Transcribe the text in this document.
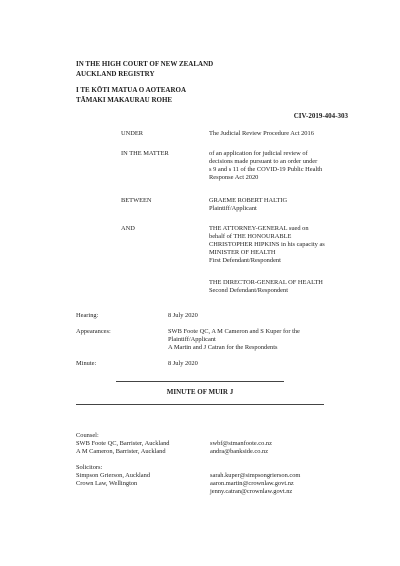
IN THE HIGH COURT OF NEW ZEALAND
AUCKLAND REGISTRY
I TE KŌTI MATUA O AOTEAROA
TĀMAKI MAKAURAU ROHE
CIV-2019-404-303
UNDER	The Judicial Review Procedure Act 2016
IN THE MATTER	of an application for judicial review of
decisions made pursuant to an order under
s 9 and s 11 of the COVID-19 Public Health
Response Act 2020
BETWEEN	GRAEME ROBERT HALTIG
Plaintiff/Applicant
AND	THE ATTORNEY-GENERAL sued on
behalf of THE HONOURABLE
CHRISTOPHER HIPKINS in his capacity as
MINISTER OF HEALTH
First Defendant/Respondent
THE DIRECTOR-GENERAL OF HEALTH
Second Defendant/Respondent
Hearing:	8 July 2020
Appearances:	SWB Foote QC, A M Cameron and S Kuper for the
Plaintiff/Applicant
A Martin and J Catran for the Respondents
Minute:	8 July 2020
MINUTE OF MUIR J
Counsel:
SWB Foote QC, Barrister, Auckland	swbf@stmanfoote.co.nz
A M Cameron, Barrister, Auckland	andra@bankside.co.nz
Solicitors:
Simpson Grierson, Auckland	sarah.kuper@simpsongrierson.com
Crown Law, Wellington	aaron.martin@crownlaw.govt.nz
jenny.catran@crownlaw.govt.nz
